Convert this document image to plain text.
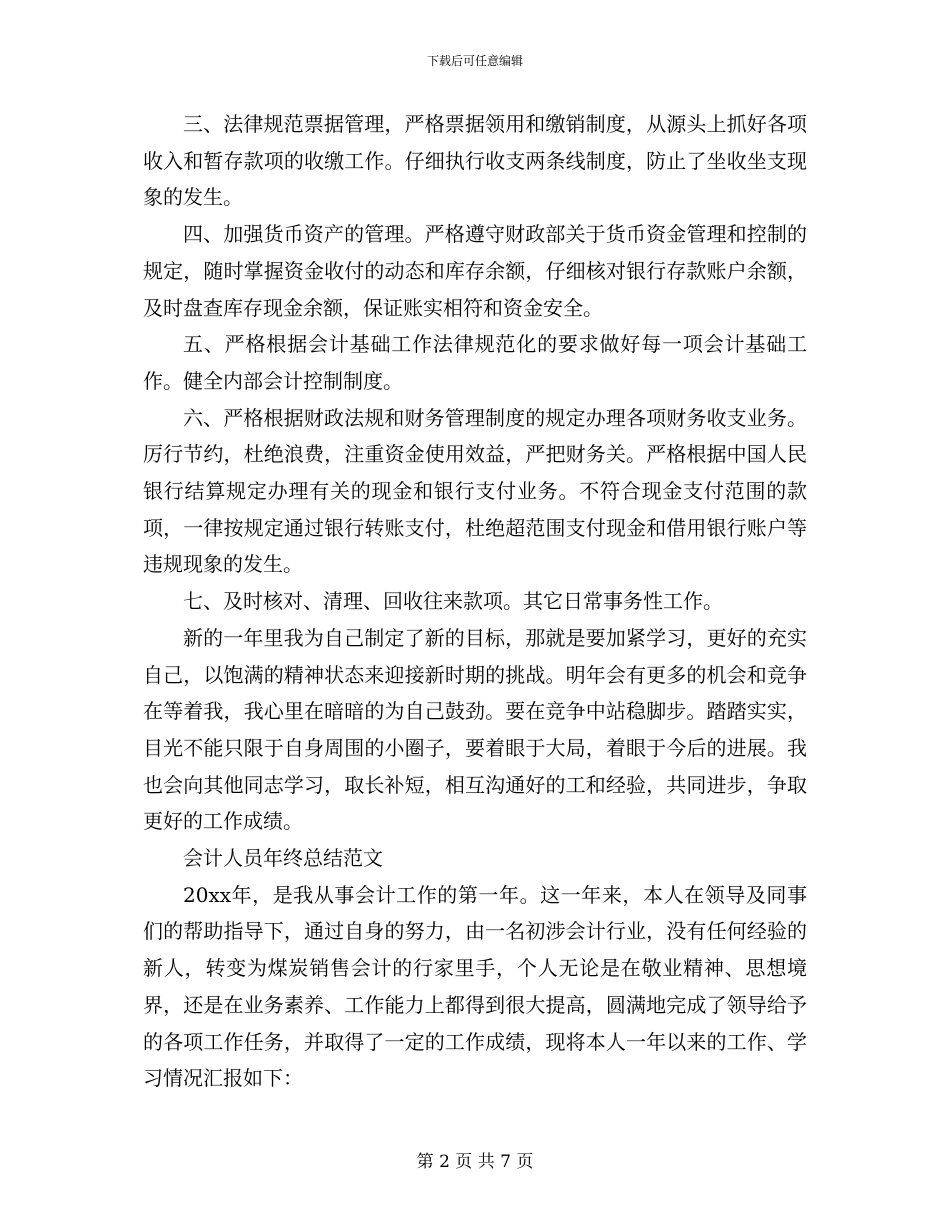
下载后可任意编辑

三、法律规范票据管理，严格票据领用和缴销制度，从源头上抓好各项收入和暂存款项的收缴工作。仔细执行收支两条线制度，防止了坐收坐支现象的发生。

四、加强货币资产的管理。严格遵守财政部关于货币资金管理和控制的规定，随时掌握资金收付的动态和库存余额，仔细核对银行存款账户余额，及时盘查库存现金余额，保证账实相符和资金安全。

五、严格根据会计基础工作法律规范化的要求做好每一项会计基础工作。健全内部会计控制制度。

六、严格根据财政法规和财务管理制度的规定办理各项财务收支业务。厉行节约，杜绝浪费，注重资金使用效益，严把财务关。严格根据中国人民银行结算规定办理有关的现金和银行支付业务。不符合现金支付范围的款项，一律按规定通过银行转账支付，杜绝超范围支付现金和借用银行账户等违规现象的发生。

七、及时核对、清理、回收往来款项。其它日常事务性工作。

新的一年里我为自己制定了新的目标，那就是要加紧学习，更好的充实自己，以饱满的精神状态来迎接新时期的挑战。明年会有更多的机会和竞争在等着我，我心里在暗暗的为自己鼓劲。要在竞争中站稳脚步。踏踏实实，目光不能只限于自身周围的小圈子，要着眼于大局，着眼于今后的进展。我也会向其他同志学习，取长补短，相互沟通好的工和经验，共同进步，争取更好的工作成绩。

会计人员年终总结范文

20xx年，是我从事会计工作的第一年。这一年来，本人在领导及同事们的帮助指导下，通过自身的努力，由一名初涉会计行业，没有任何经验的新人，转变为煤炭销售会计的行家里手，个人无论是在敬业精神、思想境界，还是在业务素养、工作能力上都得到很大提高，圆满地完成了领导给予的各项工作任务，并取得了一定的工作成绩，现将本人一年以来的工作、学习情况汇报如下：

第 2 页 共 7 页
